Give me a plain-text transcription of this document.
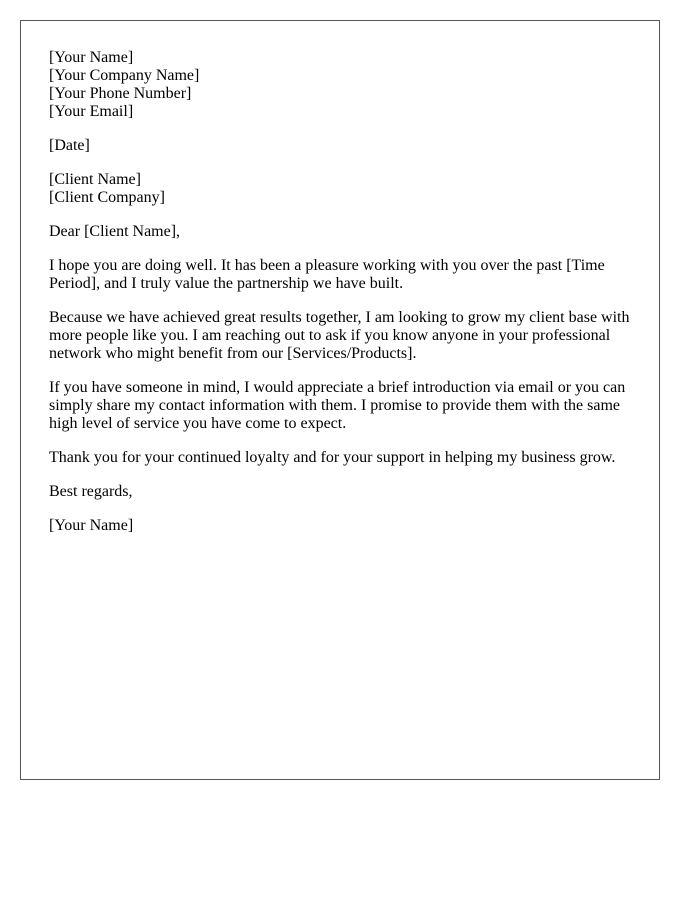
[Your Name]
[Your Company Name]
[Your Phone Number]
[Your Email]
[Date]
[Client Name]
[Client Company]
Dear [Client Name],
I hope you are doing well. It has been a pleasure working with you over the past [Time
Period], and I truly value the partnership we have built.
Because we have achieved great results together, I am looking to grow my client base with
more people like you. I am reaching out to ask if you know anyone in your professional
network who might benefit from our [Services/Products].
If you have someone in mind, I would appreciate a brief introduction via email or you can
simply share my contact information with them. I promise to provide them with the same
high level of service you have come to expect.
Thank you for your continued loyalty and for your support in helping my business grow.
Best regards,
[Your Name]
